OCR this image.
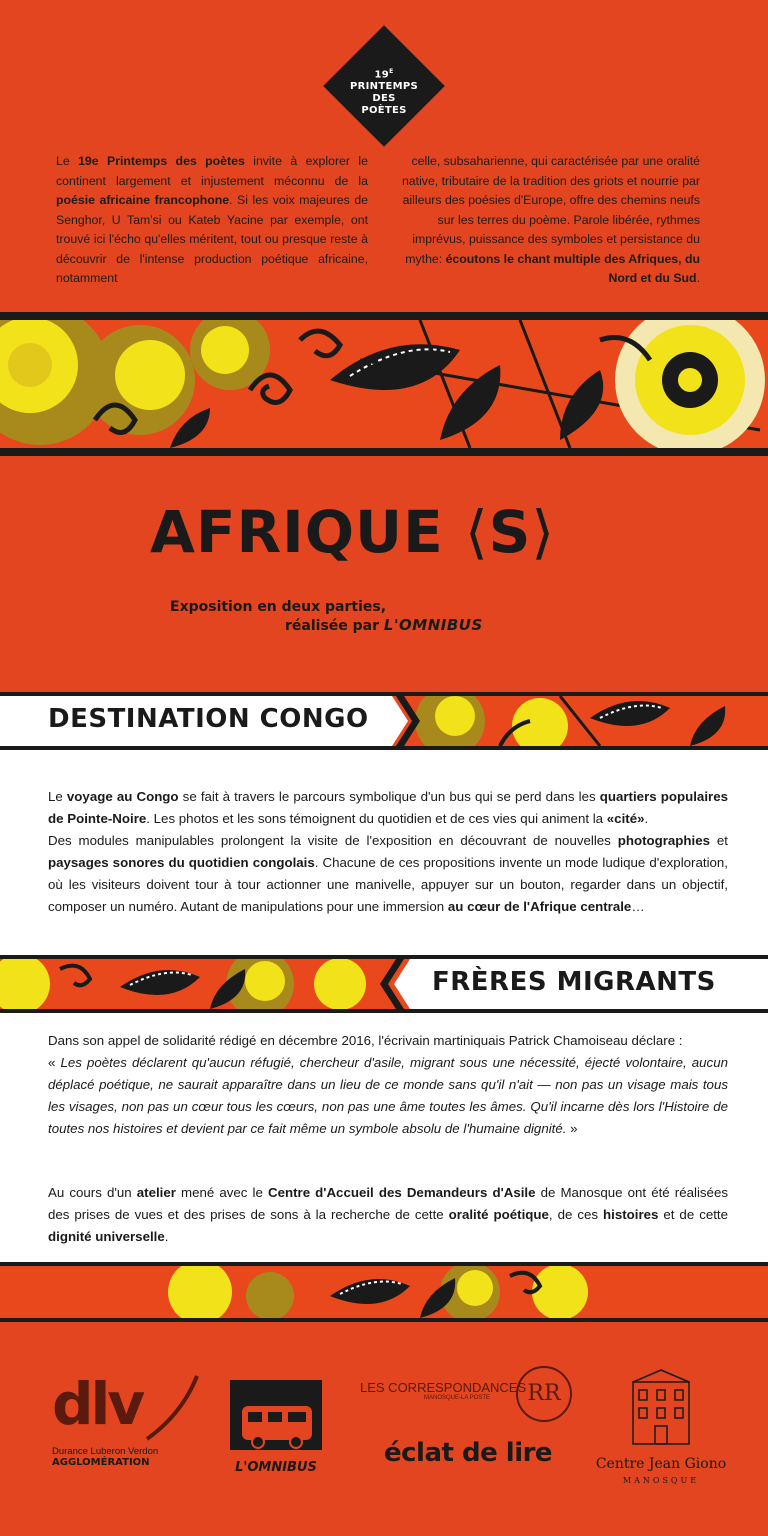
$19^E$
PRINTEMPS
DES
POÈTES
Le 19e Printemps des poètes invite à explorer le continent largement et injustement méconnu de la poésie africaine francophone. Si les voix majeures de Senghor, U Tam'si ou Kateb Yacine par exemple, ont trouvé ici l'écho qu'elles méritent, tout ou presque reste à découvrir de l'intense production poétique africaine, notamment
celle, subsaharienne, qui caractérisée par une oralité native, tributaire de la tradition des griots et nourrie par ailleurs des poésies d'Europe, offre des chemins neufs sur les terres du poème. Parole libérée, rythmes imprévus, puissance des symboles et persistance du mythe: écoutons le chant multiple des Afriques, du Nord et du Sud.
AFRIQUE ⟨S⟩
Exposition en deux parties,
réalisée par L'OMNIBUS
DESTINATION CONGO
Le voyage au Congo se fait à travers le parcours symbolique d'un bus qui se perd dans les quartiers populaires de Pointe-Noire. Les photos et les sons témoignent du quotidien et de ces vies qui animent la «cité».
Des modules manipulables prolongent la visite de l'exposition en découvrant de nouvelles photographies et paysages sonores du quotidien congolais. Chacune de ces propositions invente un mode ludique d'exploration, où les visiteurs doivent tour à tour actionner une manivelle, appuyer sur un bouton, regarder dans un objectif, composer un numéro. Autant de manipulations pour une immersion au cœur de l'Afrique centrale…
FRÈRES MIGRANTS
Dans son appel de solidarité rédigé en décembre 2016, l'écrivain martiniquais Patrick Chamoiseau déclare :
« Les poètes déclarent qu'aucun réfugié, chercheur d'asile, migrant sous une nécessité, éjecté volontaire, aucun déplacé poétique, ne saurait apparaître dans un lieu de ce monde sans qu'il n'ait — non pas un visage mais tous les visages, non pas un cœur tous les cœurs, non pas une âme toutes les âmes. Qu'il incarne dès lors l'Histoire de toutes nos histoires et devient par ce fait même un symbole absolu de l'humaine dignité. »
Au cours d'un atelier mené avec le Centre d'Accueil des Demandeurs d'Asile de Manosque ont été réalisées des prises de vues et des prises de sons à la recherche de cette oralité poétique, de ces histoires et de cette dignité universelle.
dlv
Durance Luberon Verdon
AGGLOMÉRATION	L'OMNIBUS
LES CORRESPONDANCES
MANOSQUE-LA POSTE	RR
éclat de lire	Centre Jean Giono
MANOSQUE
